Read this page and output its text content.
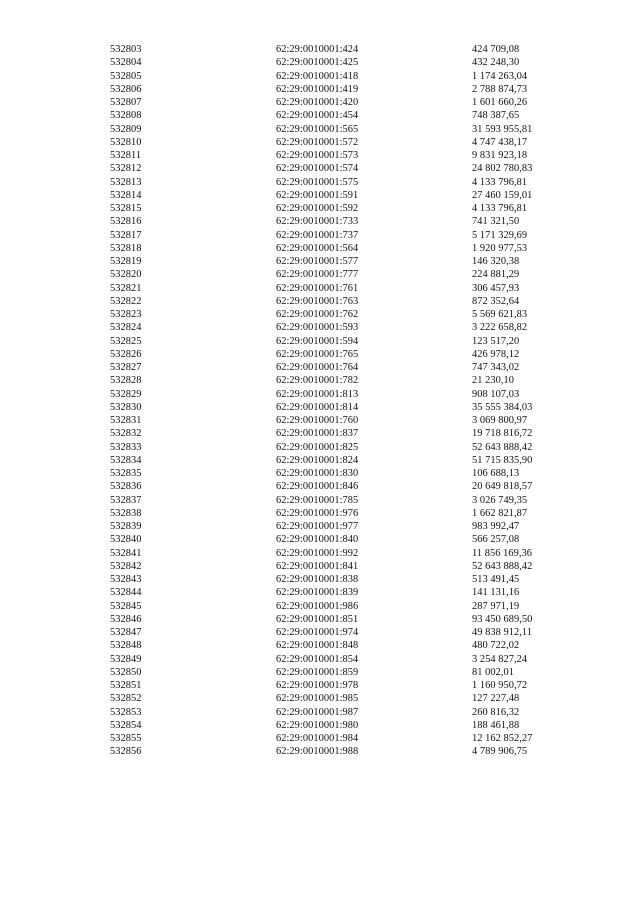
532803	62:29:0010001:424	424 709,08
532804	62:29:0010001:425	432 248,30
532805	62:29:0010001:418	1 174 263,04
532806	62:29:0010001:419	2 788 874,73
532807	62:29:0010001:420	1 601 660,26
532808	62:29:0010001:454	748 387,65
532809	62:29:0010001:565	31 593 955,81
532810	62:29:0010001:572	4 747 438,17
532811	62:29:0010001:573	9 831 923,18
532812	62:29:0010001:574	24 802 780,83
532813	62:29:0010001:575	4 133 796,81
532814	62:29:0010001:591	27 460 159,01
532815	62:29:0010001:592	4 133 796,81
532816	62:29:0010001:733	741 321,50
532817	62:29:0010001:737	5 171 329,69
532818	62:29:0010001:564	1 920 977,53
532819	62:29:0010001:577	146 320,38
532820	62:29:0010001:777	224 881,29
532821	62:29:0010001:761	306 457,93
532822	62:29:0010001:763	872 352,64
532823	62:29:0010001:762	5 569 621,83
532824	62:29:0010001:593	3 222 658,82
532825	62:29:0010001:594	123 517,20
532826	62:29:0010001:765	426 978,12
532827	62:29:0010001:764	747 343,02
532828	62:29:0010001:782	21 230,10
532829	62:29:0010001:813	908 107,03
532830	62:29:0010001:814	35 555 384,03
532831	62:29:0010001:760	3 069 800,97
532832	62:29:0010001:837	19 718 816,72
532833	62:29:0010001:825	52 643 888,42
532834	62:29:0010001:824	51 715 835,90
532835	62:29:0010001:830	106 688,13
532836	62:29:0010001:846	20 649 818,57
532837	62:29:0010001:785	3 026 749,35
532838	62:29:0010001:976	1 662 821,87
532839	62:29:0010001:977	983 992,47
532840	62:29:0010001:840	566 257,08
532841	62:29:0010001:992	11 856 169,36
532842	62:29:0010001:841	52 643 888,42
532843	62:29:0010001:838	513 491,45
532844	62:29:0010001:839	141 131,16
532845	62:29:0010001:986	287 971,19
532846	62:29:0010001:851	93 450 689,50
532847	62:29:0010001:974	49 838 912,11
532848	62:29:0010001:848	480 722,02
532849	62:29:0010001:854	3 254 827,24
532850	62:29:0010001:859	81 002,01
532851	62:29:0010001:978	1 160 950,72
532852	62:29:0010001:985	127 227,48
532853	62:29:0010001:987	260 816,32
532854	62:29:0010001:980	188 461,88
532855	62:29:0010001:984	12 162 852,27
532856	62:29:0010001:988	4 789 906,75
